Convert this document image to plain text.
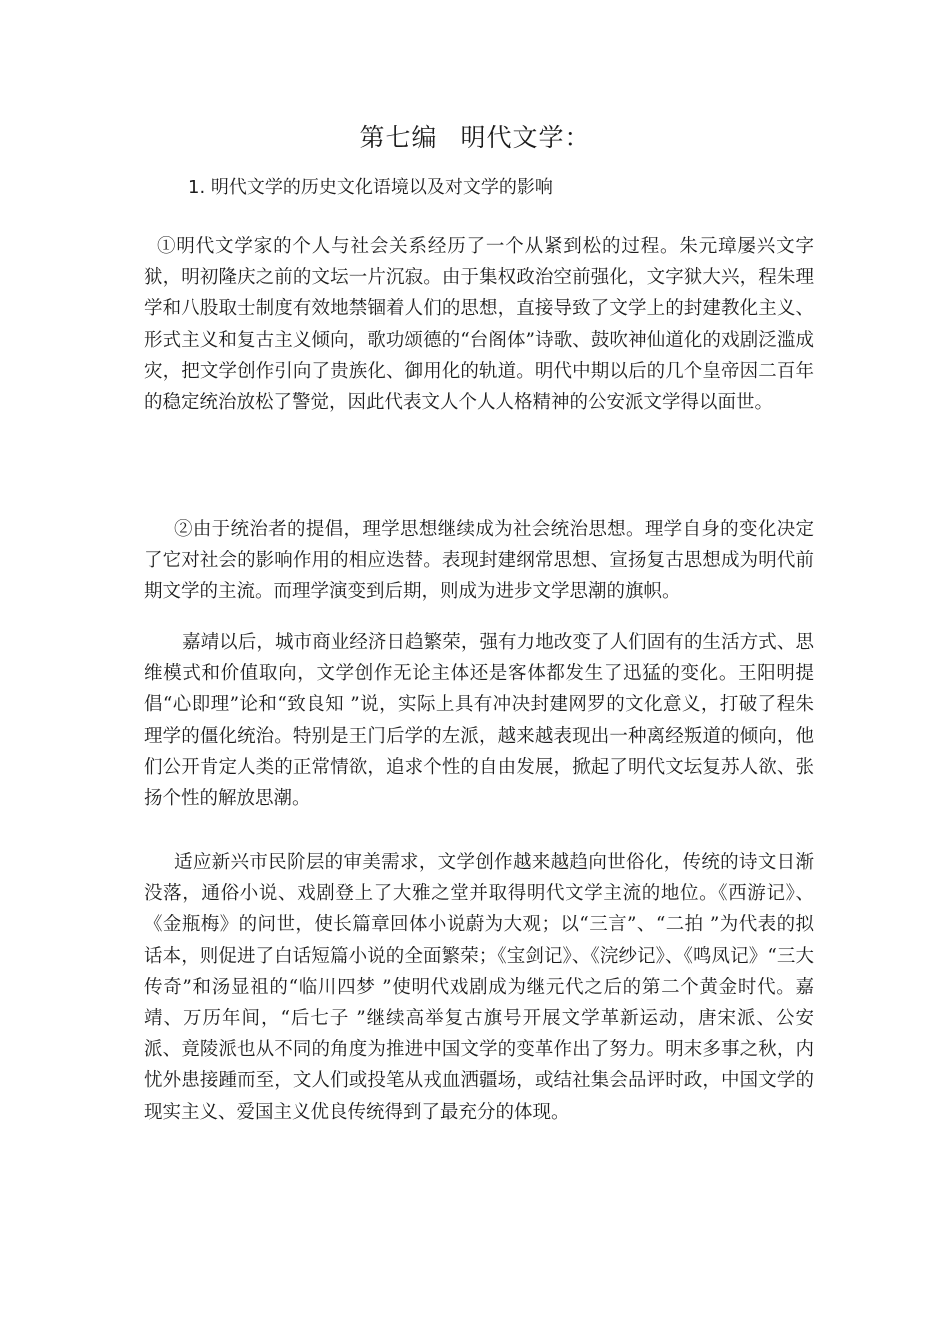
第七编 明代文学：
1. 明代文学的历史文化语境以及对文学的影响

①明代文学家的个人与社会关系经历了一个从紧到松的过程。朱元璋屡兴文字狱，明初隆庆之前的文坛一片沉寂。由于集权政治空前强化，文字狱大兴，程朱理学和八股取士制度有效地禁锢着人们的思想，直接导致了文学上的封建教化主义、形式主义和复古主义倾向，歌功颂德的“台阁体”诗歌、鼓吹神仙道化的戏剧泛滥成灾，把文学创作引向了贵族化、御用化的轨道。明代中期以后的几个皇帝因二百年的稳定统治放松了警觉，因此代表文人个人人格精神的公安派文学得以面世。

②由于统治者的提倡，理学思想继续成为社会统治思想。理学自身的变化决定了它对社会的影响作用的相应迭替。表现封建纲常思想、宣扬复古思想成为明代前期文学的主流。而理学演变到后期，则成为进步文学思潮的旗帜。

嘉靖以后，城市商业经济日趋繁荣，强有力地改变了人们固有的生活方式、思维模式和价值取向，文学创作无论主体还是客体都发生了迅猛的变化。王阳明提倡“心即理”论和“致良知 ”说，实际上具有冲决封建网罗的文化意义，打破了程朱理学的僵化统治。特别是王门后学的左派，越来越表现出一种离经叛道的倾向，他们公开肯定人类的正常情欲，追求个性的自由发展，掀起了明代文坛复苏人欲、张扬个性的解放思潮。

适应新兴市民阶层的审美需求，文学创作越来越趋向世俗化，传统的诗文日渐没落，通俗小说、戏剧登上了大雅之堂并取得明代文学主流的地位。《西游记》、《金瓶梅》的问世，使长篇章回体小说蔚为大观；以“三言”、“二拍 ”为代表的拟话本，则促进了白话短篇小说的全面繁荣；《宝剑记》、《浣纱记》、《鸣凤记》“三大传奇”和汤显祖的“临川四梦 ”使明代戏剧成为继元代之后的第二个黄金时代。嘉靖、万历年间，“后七子 ”继续高举复古旗号开展文学革新运动，唐宋派、公安派、竟陵派也从不同的角度为推进中国文学的变革作出了努力。明末多事之秋，内忧外患接踵而至，文人们或投笔从戎血洒疆场，或结社集会品评时政，中国文学的现实主义、爱国主义优良传统得到了最充分的体现。
